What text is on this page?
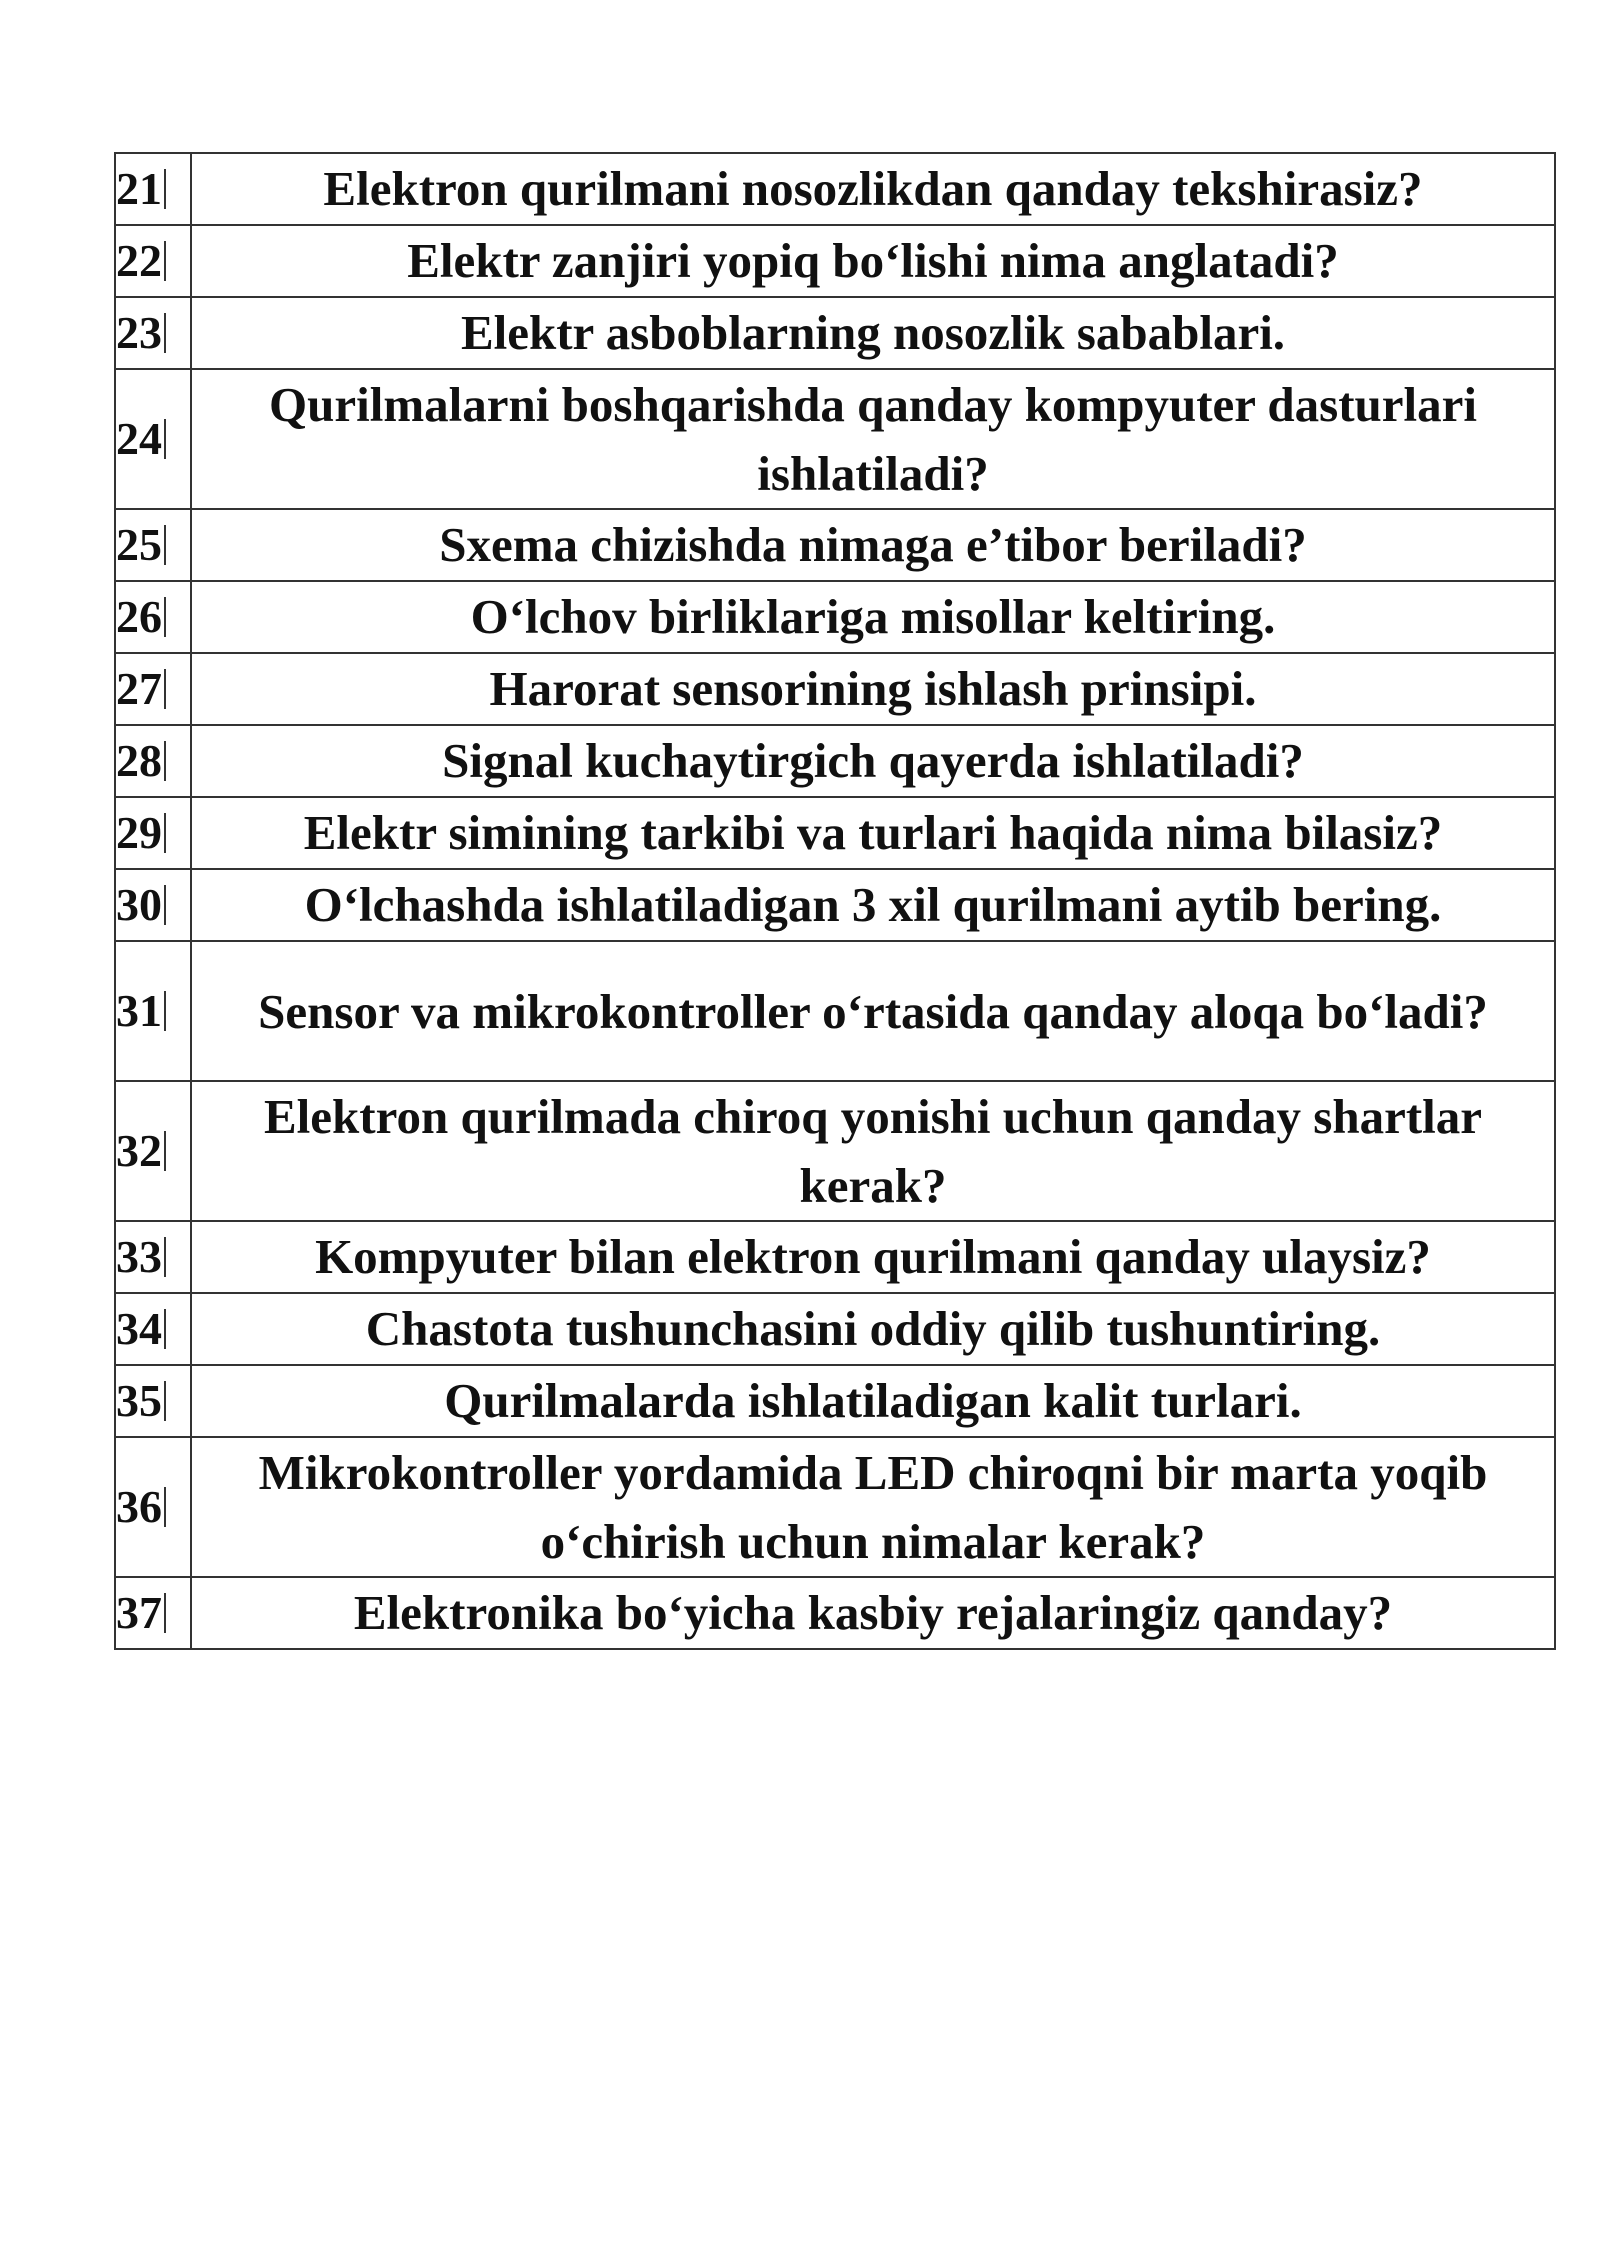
21	Elektron qurilmani nosozlikdan qanday tekshirasiz?
22	Elektr zanjiri yopiq bo‘lishi nima anglatadi?
23	Elektr asboblarning nosozlik sabablari.
24	Qurilmalarni boshqarishda qanday kompyuter dasturlari ishlatiladi?
25	Sxema chizishda nimaga e’tibor beriladi?
26	O‘lchov birliklariga misollar keltiring.
27	Harorat sensorining ishlash prinsipi.
28	Signal kuchaytirgich qayerda ishlatiladi?
29	Elektr simining tarkibi va turlari haqida nima bilasiz?
30	O‘lchashda ishlatiladigan 3 xil qurilmani aytib bering.
31	Sensor va mikrokontroller o‘rtasida qanday aloqa bo‘ladi?
32	Elektron qurilmada chiroq yonishi uchun qanday shartlar kerak?
33	Kompyuter bilan elektron qurilmani qanday ulaysiz?
34	Chastota tushunchasini oddiy qilib tushuntiring.
35	Qurilmalarda ishlatiladigan kalit turlari.
36	Mikrokontroller yordamida LED chiroqni bir marta yoqib o‘chirish uchun nimalar kerak?
37	Elektronika bo‘yicha kasbiy rejalaringiz qanday?
